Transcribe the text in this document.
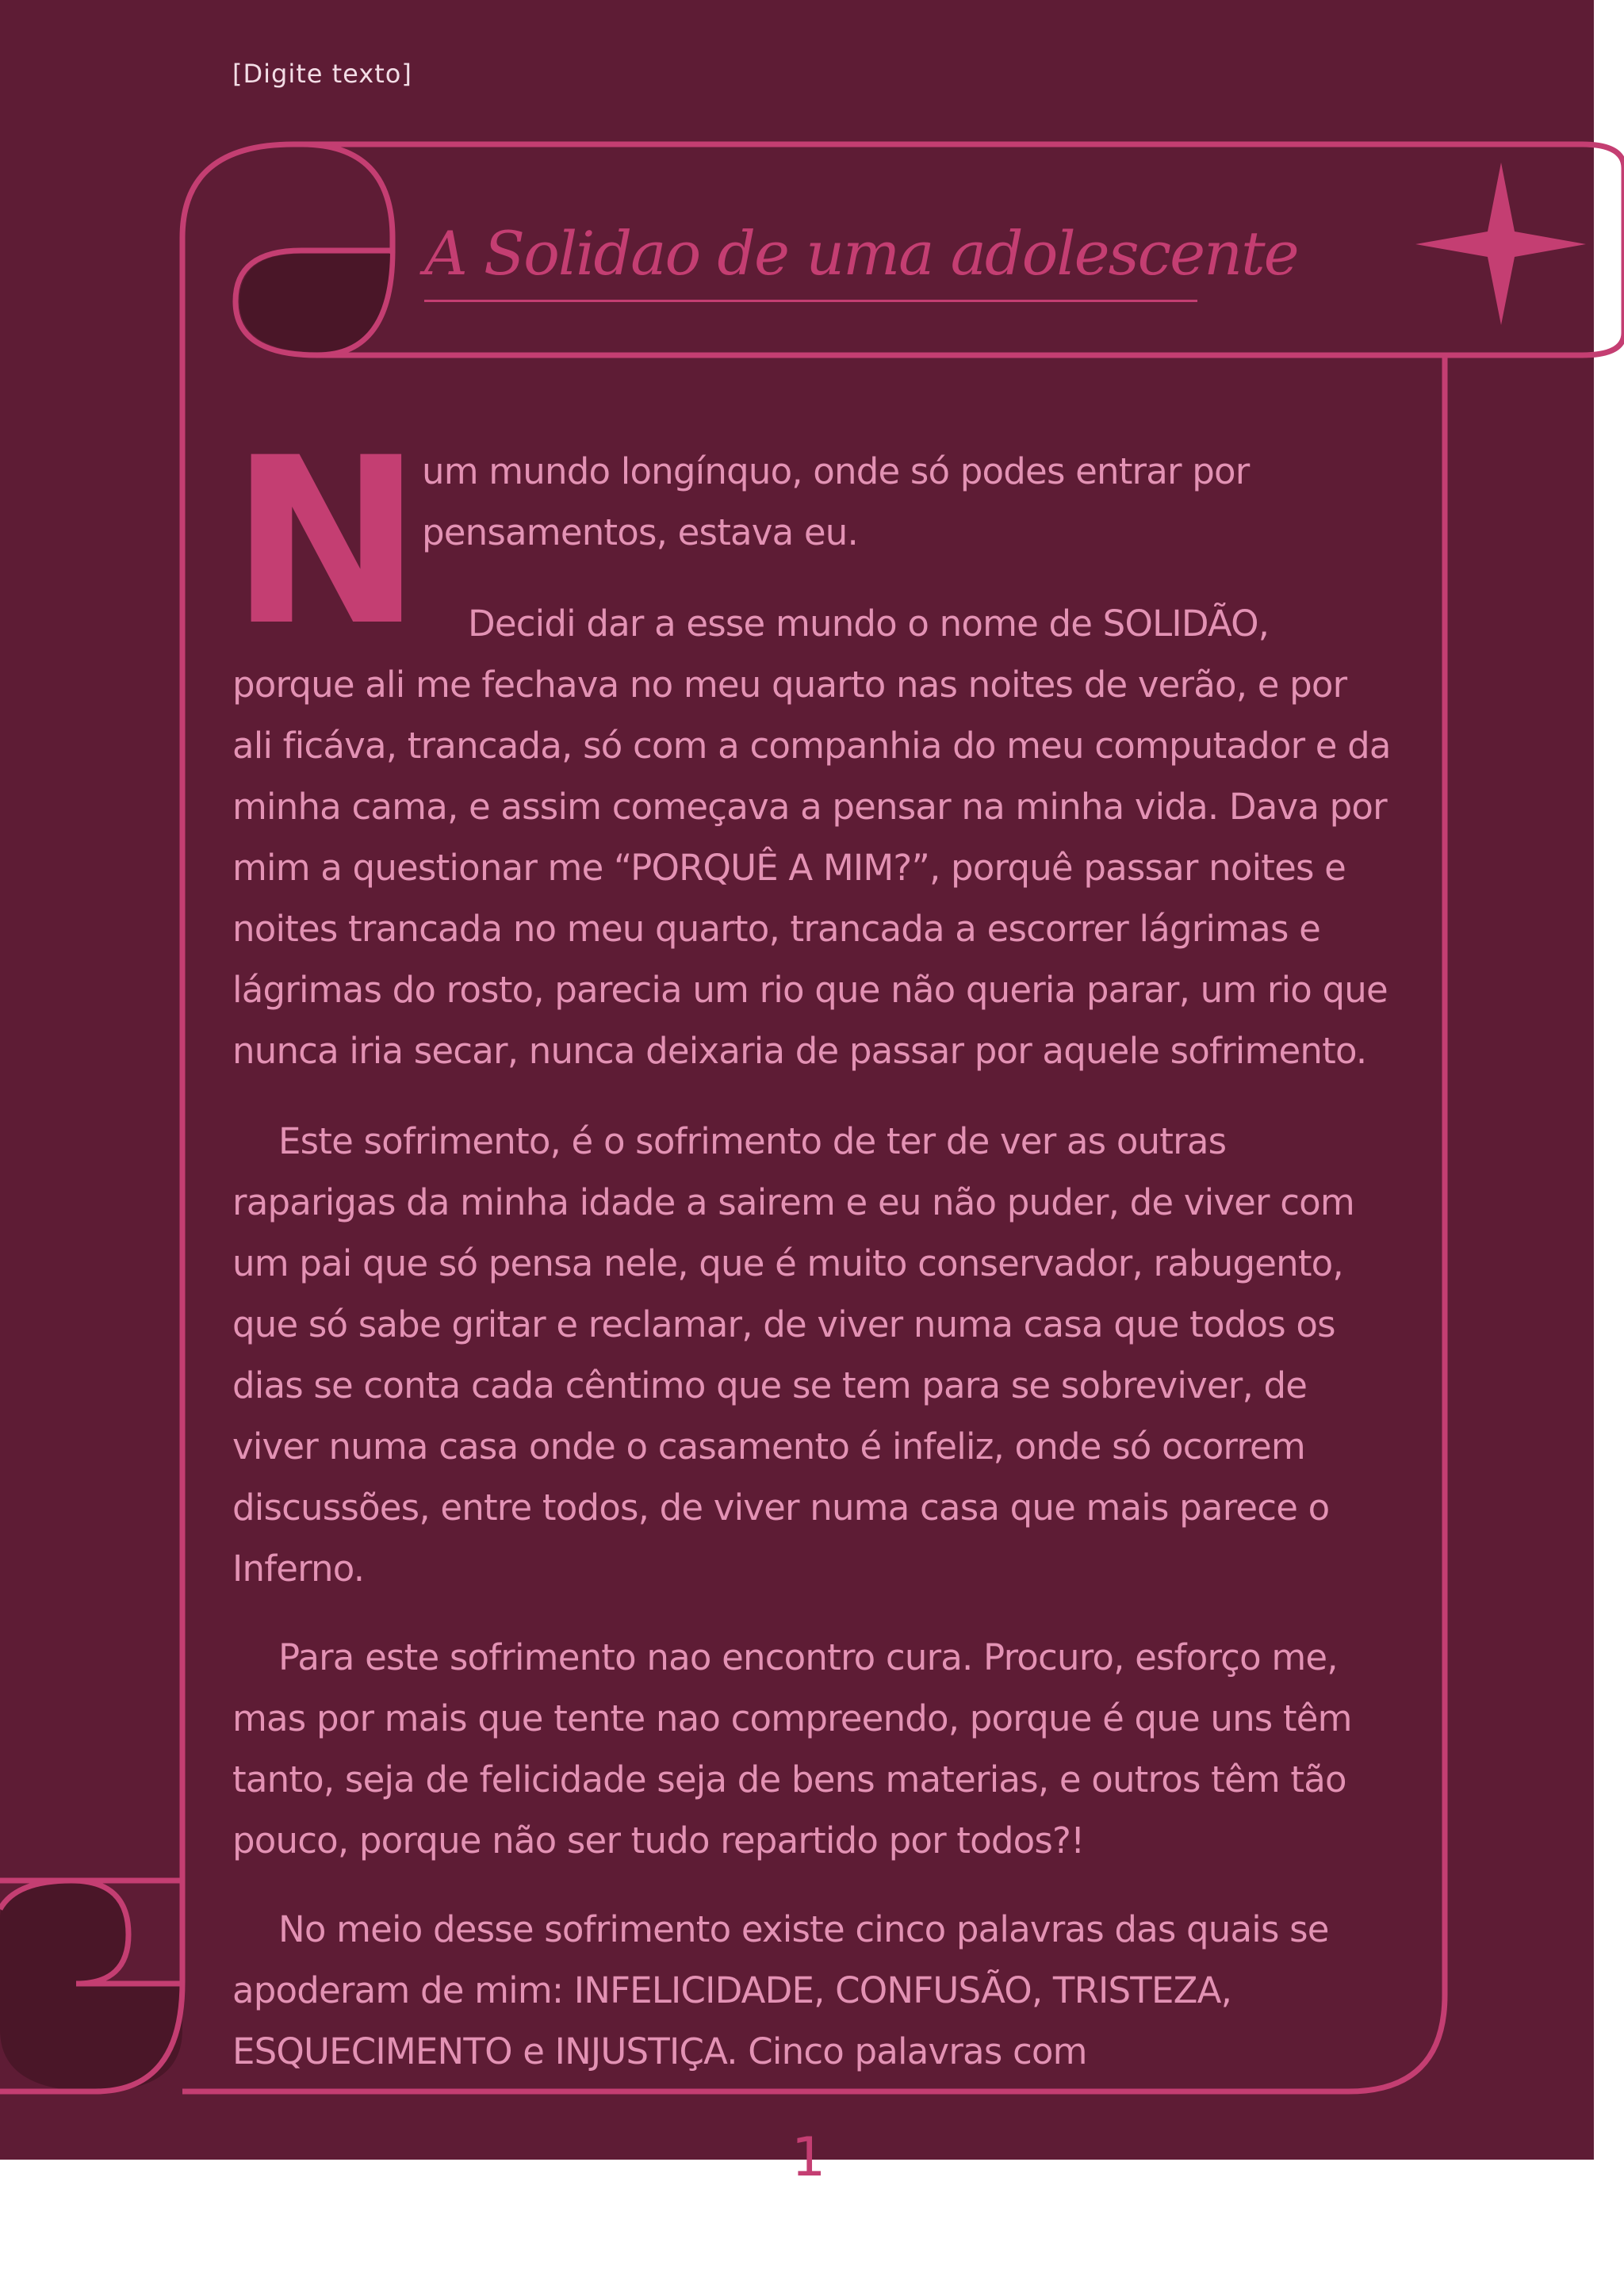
[Digite texto]
A Solidao de uma adolescente
N um mundo longínquo, onde só podes entrar por
pensamentos, estava eu.
Decidi dar a esse mundo o nome de SOLIDÃO,
porque ali me fechava no meu quarto nas noites de verão, e por
ali ficáva, trancada, só com a companhia do meu computador e da
minha cama, e assim começava a pensar na minha vida. Dava por
mim a questionar me “PORQUÊ A MIM?”, porquê passar noites e
noites trancada no meu quarto, trancada a escorrer lágrimas e
lágrimas do rosto, parecia um rio que não queria parar, um rio que
nunca iria secar, nunca deixaria de passar por aquele sofrimento.
Este sofrimento, é o sofrimento de ter de ver as outras
raparigas da minha idade a sairem e eu não puder, de viver com
um pai que só pensa nele, que é muito conservador, rabugento,
que só sabe gritar e reclamar, de viver numa casa que todos os
dias se conta cada cêntimo que se tem para se sobreviver, de
viver numa casa onde o casamento é infeliz, onde só ocorrem
discussões, entre todos, de viver numa casa que mais parece o
Inferno.
Para este sofrimento nao encontro cura. Procuro, esforço me,
mas por mais que tente nao compreendo, porque é que uns têm
tanto, seja de felicidade seja de bens materias, e outros têm tão
pouco, porque não ser tudo repartido por todos?!
No meio desse sofrimento existe cinco palavras das quais se
apoderam de mim: INFELICIDADE, CONFUSÃO, TRISTEZA,
ESQUECIMENTO e INJUSTIÇA. Cinco palavras com
1
